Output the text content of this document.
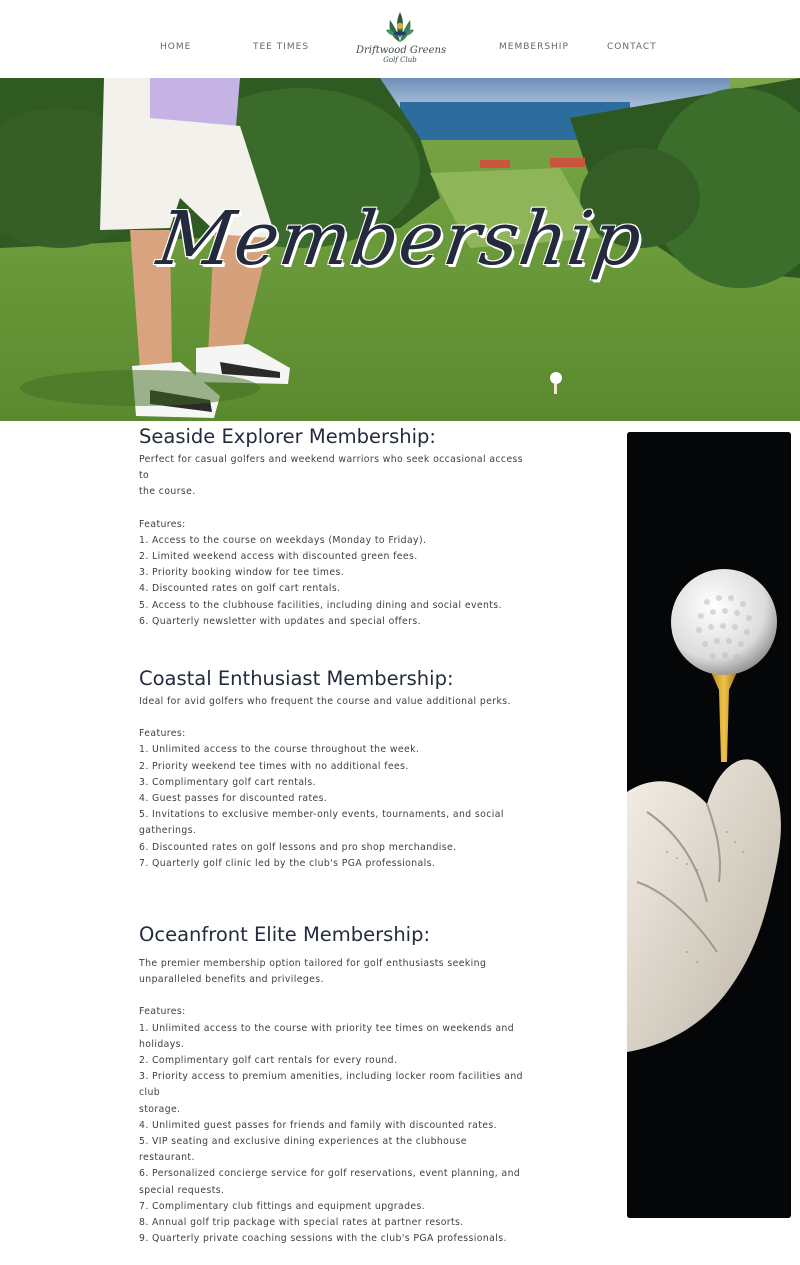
HOME	TEE TIMES	Driftwood Greens
Golf Club
MEMBERSHIP	CONTACT
Membership
Seaside Explorer Membership:

Perfect for casual golfers and weekend warriors who seek occasional access to

the course.

Features:

1. Access to the course on weekdays (Monday to Friday).

2. Limited weekend access with discounted green fees.

3. Priority booking window for tee times.

4. Discounted rates on golf cart rentals.

5. Access to the clubhouse facilities, including dining and social events.

6. Quarterly newsletter with updates and special offers.

Coastal Enthusiast Membership:

Ideal for avid golfers who frequent the course and value additional perks.

Features:

1. Unlimited access to the course throughout the week.

2. Priority weekend tee times with no additional fees.

3. Complimentary golf cart rentals.

4. Guest passes for discounted rates.

5. Invitations to exclusive member-only events, tournaments, and social

gatherings.

6. Discounted rates on golf lessons and pro shop merchandise.

7. Quarterly golf clinic led by the club's PGA professionals.

Oceanfront Elite Membership:

The premier membership option tailored for golf enthusiasts seeking

unparalleled benefits and privileges.

Features:

1. Unlimited access to the course with priority tee times on weekends and

holidays.

2. Complimentary golf cart rentals for every round.

3. Priority access to premium amenities, including locker room facilities and club

storage.

4. Unlimited guest passes for friends and family with discounted rates.

5. VIP seating and exclusive dining experiences at the clubhouse restaurant.

6. Personalized concierge service for golf reservations, event planning, and

special requests.

7. Complimentary club fittings and equipment upgrades.

8. Annual golf trip package with special rates at partner resorts.

9. Quarterly private coaching sessions with the club's PGA professionals.
